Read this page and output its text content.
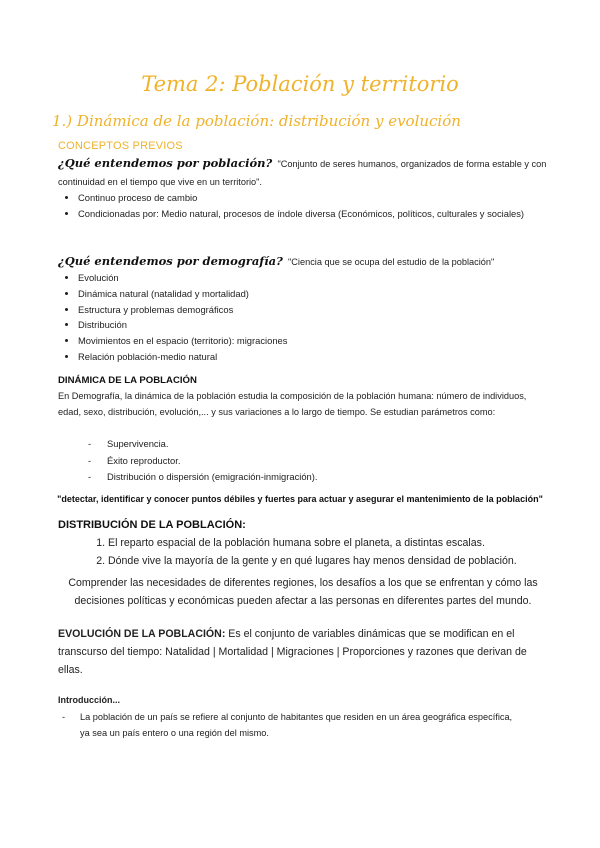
Tema 2: Población y territorio
1.) Dinámica de la población: distribución y evolución
CONCEPTOS PREVIOS
¿Qué entendemos por población? "Conjunto de seres humanos, organizados de forma estable y con continuidad en el tiempo que vive en un territorio".
• Continuo proceso de cambio
• Condicionadas por: Medio natural, procesos de índole diversa (Económicos, políticos, culturales y sociales)
¿Qué entendemos por demografía? "Ciencia que se ocupa del estudio de la población"
• Evolución
• Dinámica natural (natalidad y mortalidad)
• Estructura y problemas demográficos
• Distribución
• Movimientos en el espacio (territorio): migraciones
• Relación población-medio natural
DINÁMICA DE LA POBLACIÓN
En Demografía, la dinámica de la población estudia la composición de la población humana: número de individuos, edad, sexo, distribución, evolución,... y sus variaciones a lo largo de tiempo. Se estudian parámetros como:
- Supervivencia.
- Éxito reproductor.
- Distribución o dispersión (emigración-inmigración).
"detectar, identificar y conocer puntos débiles y fuertes para actuar y asegurar el mantenimiento de la población"
DISTRIBUCIÓN DE LA POBLACIÓN:
1. El reparto espacial de la población humana sobre el planeta, a distintas escalas.
2. Dónde vive la mayoría de la gente y en qué lugares hay menos densidad de población.
Comprender las necesidades de diferentes regiones, los desafíos a los que se enfrentan y cómo las decisiones políticas y económicas pueden afectar a las personas en diferentes partes del mundo.
EVOLUCIÓN DE LA POBLACIÓN: Es el conjunto de variables dinámicas que se modifican en el transcurso del tiempo: Natalidad | Mortalidad | Migraciones | Proporciones y razones que derivan de ellas.
Introducción...
- La población de un país se refiere al conjunto de habitantes que residen en un área geográfica específica, ya sea un país entero o una región del mismo.
